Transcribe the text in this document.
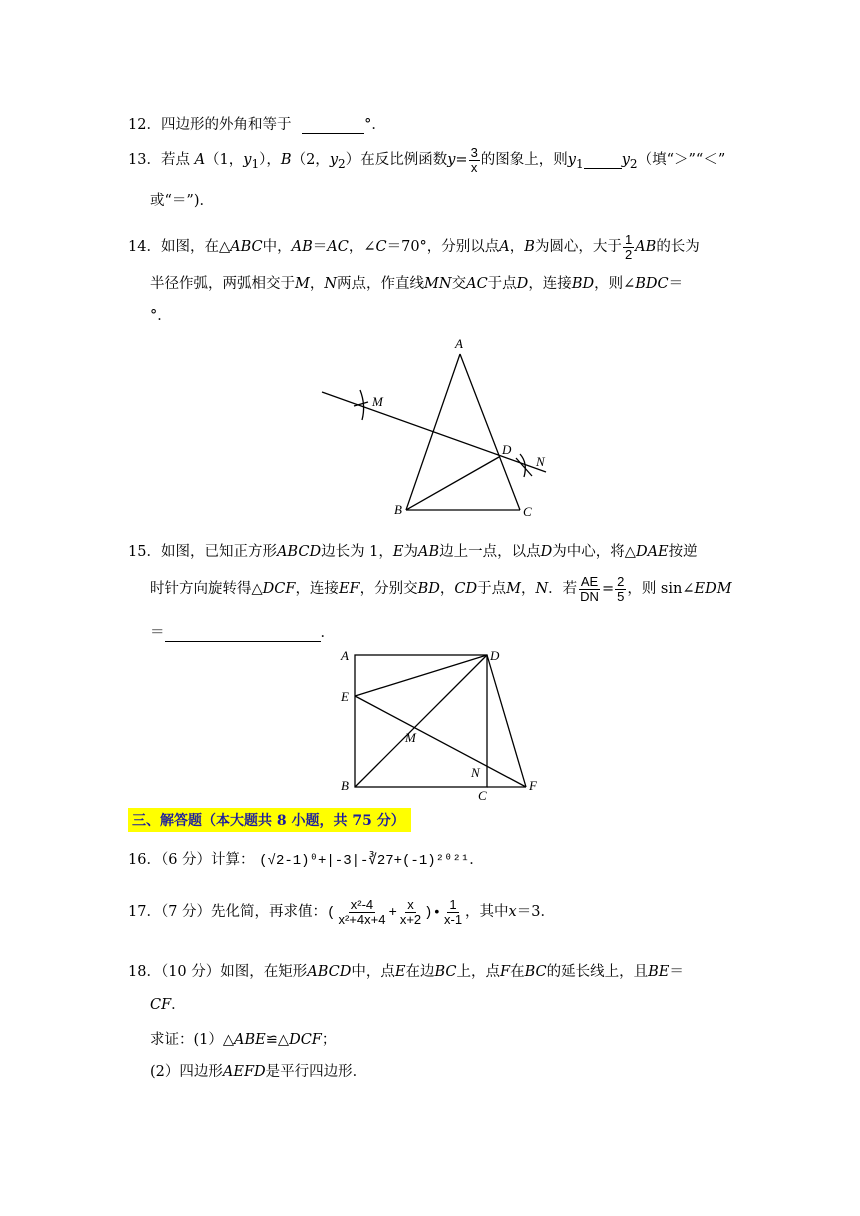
12．四边形的外角和等于	°．
13．若点 A（1，$y_1$），B（2，$y_2$）在反比例函数$y= \frac{3}{x}$ 的图象上，则$y_1$	$y_2$（填“＞”“＜”
或“＝”)．
14．如图，在△ABC中，AB＝AC，∠C＝70°，分别以点A，B为圆心，大于 $\frac{1}{2}$ AB的长为
半径作弧，两弧相交于M，N两点，作直线MN交AC于点D，连接BD，则∠BDC＝
°．
A
B	C
D
M
N
15．如图，已知正方形ABCD边长为 1，E为AB边上一点，以点D为中心，将△DAE按逆
时针方向旋转得△DCF，连接EF，分别交BD，CD于点M，N．若 $\frac{AE}{DN} = \frac{2}{5}$ ，则 sin∠EDM
＝	．
A
E
B
D
C
F
M
N
三、解答题（本大题共 8 小题，共 75 分）
16．（6 分）计算： (√2-1)⁰+|-3|-∛27+(-1)²⁰²¹．
17．（7 分）先化简，再求值：( $\frac{\text{x²-4}}{\text{x²+4x+4}} + \frac{x}{x+2}$ )• $\frac{1}{x-1}$ ，其中x＝3．
18．（10 分）如图，在矩形ABCD中，点E在边BC上，点F在BC的延长线上，且BE＝
CF．
求证：(1）△ABE≌△DCF；
(2）四边形AEFD是平行四边形．
